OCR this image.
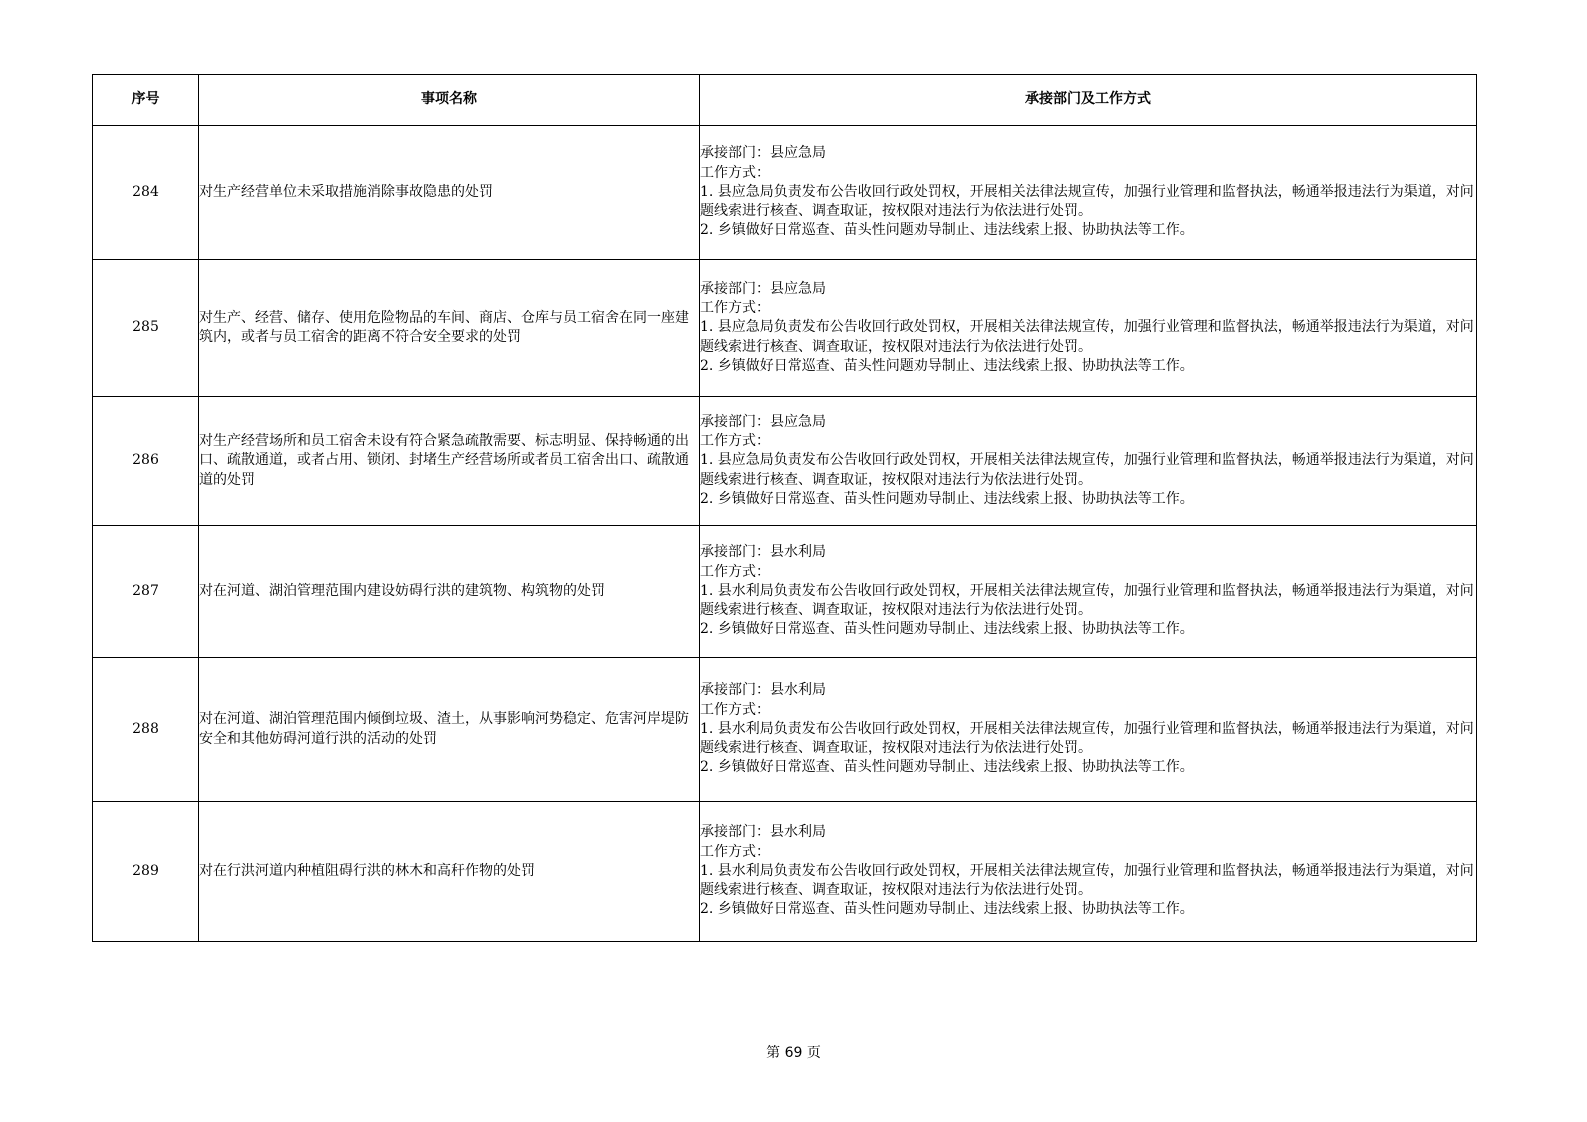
序号	事项名称	承接部门及工作方式
284	对生产经营单位未采取措施消除事故隐患的处罚	承接部门：县应急局
工作方式：
1. 县应急局负责发布公告收回行政处罚权，开展相关法律法规宣传，加强行业管理和监督执法，畅通举报违法行为渠道，对问题线索进行核查、调查取证，按权限对违法行为依法进行处罚。
2. 乡镇做好日常巡查、苗头性问题劝导制止、违法线索上报、协助执法等工作。

285	对生产、经营、储存、使用危险物品的车间、商店、仓库与员工宿舍在同一座建筑内，或者与员工宿舍的距离不符合安全要求的处罚	承接部门：县应急局
工作方式：
1. 县应急局负责发布公告收回行政处罚权，开展相关法律法规宣传，加强行业管理和监督执法，畅通举报违法行为渠道，对问题线索进行核查、调查取证，按权限对违法行为依法进行处罚。
2. 乡镇做好日常巡查、苗头性问题劝导制止、违法线索上报、协助执法等工作。

286	对生产经营场所和员工宿舍未设有符合紧急疏散需要、标志明显、保持畅通的出口、疏散通道，或者占用、锁闭、封堵生产经营场所或者员工宿舍出口、疏散通道的处罚	承接部门：县应急局
工作方式：
1. 县应急局负责发布公告收回行政处罚权，开展相关法律法规宣传，加强行业管理和监督执法，畅通举报违法行为渠道，对问题线索进行核查、调查取证，按权限对违法行为依法进行处罚。
2. 乡镇做好日常巡查、苗头性问题劝导制止、违法线索上报、协助执法等工作。

287	对在河道、湖泊管理范围内建设妨碍行洪的建筑物、构筑物的处罚	承接部门：县水利局
工作方式：
1. 县水利局负责发布公告收回行政处罚权，开展相关法律法规宣传，加强行业管理和监督执法，畅通举报违法行为渠道，对问题线索进行核查、调查取证，按权限对违法行为依法进行处罚。
2. 乡镇做好日常巡查、苗头性问题劝导制止、违法线索上报、协助执法等工作。

288	对在河道、湖泊管理范围内倾倒垃圾、渣土，从事影响河势稳定、危害河岸堤防安全和其他妨碍河道行洪的活动的处罚	承接部门：县水利局
工作方式：
1. 县水利局负责发布公告收回行政处罚权，开展相关法律法规宣传，加强行业管理和监督执法，畅通举报违法行为渠道，对问题线索进行核查、调查取证，按权限对违法行为依法进行处罚。
2. 乡镇做好日常巡查、苗头性问题劝导制止、违法线索上报、协助执法等工作。

289	对在行洪河道内种植阻碍行洪的林木和高秆作物的处罚	承接部门：县水利局
工作方式：
1. 县水利局负责发布公告收回行政处罚权，开展相关法律法规宣传，加强行业管理和监督执法，畅通举报违法行为渠道，对问题线索进行核查、调查取证，按权限对违法行为依法进行处罚。
2. 乡镇做好日常巡查、苗头性问题劝导制止、违法线索上报、协助执法等工作。
第 69 页
